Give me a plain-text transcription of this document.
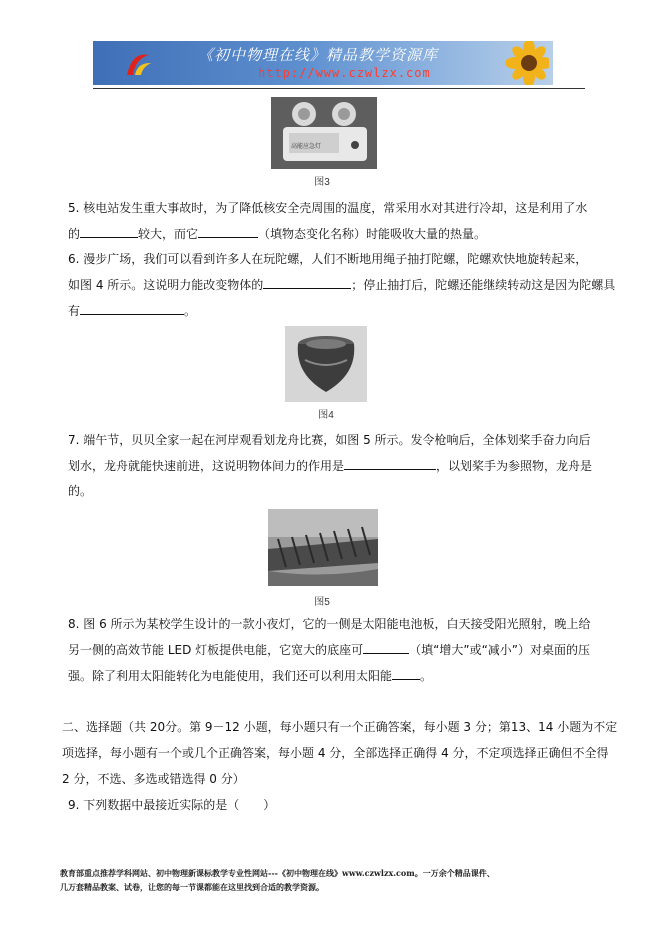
《初中物理在线》精品教学资源库
http://www.czwlzx.com
高能应急灯
图3
5. 核电站发生重大事故时，为了降低核安全壳周围的温度，常采用水对其进行冷却，这是利用了水
的	较大，而它	（填物态变化名称）时能吸收大量的热量。
6. 漫步广场，我们可以看到许多人在玩陀螺，人们不断地用绳子抽打陀螺，陀螺欢快地旋转起来，
如图 4 所示。这说明力能改变物体的	；停止抽打后，陀螺还能继续转动这是因为陀螺具
有	。
图4
7. 端午节，贝贝全家一起在河岸观看划龙舟比赛，如图 5 所示。发令枪响后，全体划桨手奋力向后
划水，龙舟就能快速前进，这说明物体间力的作用是	，以划桨手为参照物，龙舟是
的。
图5
8. 图 6 所示为某校学生设计的一款小夜灯，它的一侧是太阳能电池板，白天接受阳光照射，晚上给
另一侧的高效节能 LED 灯板提供电能，它宽大的底座可	（填“增大”或“减小”）对桌面的压
强。除了利用太阳能转化为电能使用，我们还可以利用太阳能 。
二、选择题（共 20分。第 9－12 小题，每小题只有一个正确答案，每小题 3 分；第13、14 小题为不定
项选择，每小题有一个或几个正确答案，每小题 4 分，全部选择正确得 4 分，不定项选择正确但不全得
2 分，不选、多选或错选得 0 分）
9. 下列数据中最接近实际的是（　　）
教育部重点推荐学科网站、初中物理新课标教学专业性网站---《初中物理在线》www.czwlzx.com。一万余个精品课件、
几万套精品教案、试卷，让您的每一节课都能在这里找到合适的教学资源。
